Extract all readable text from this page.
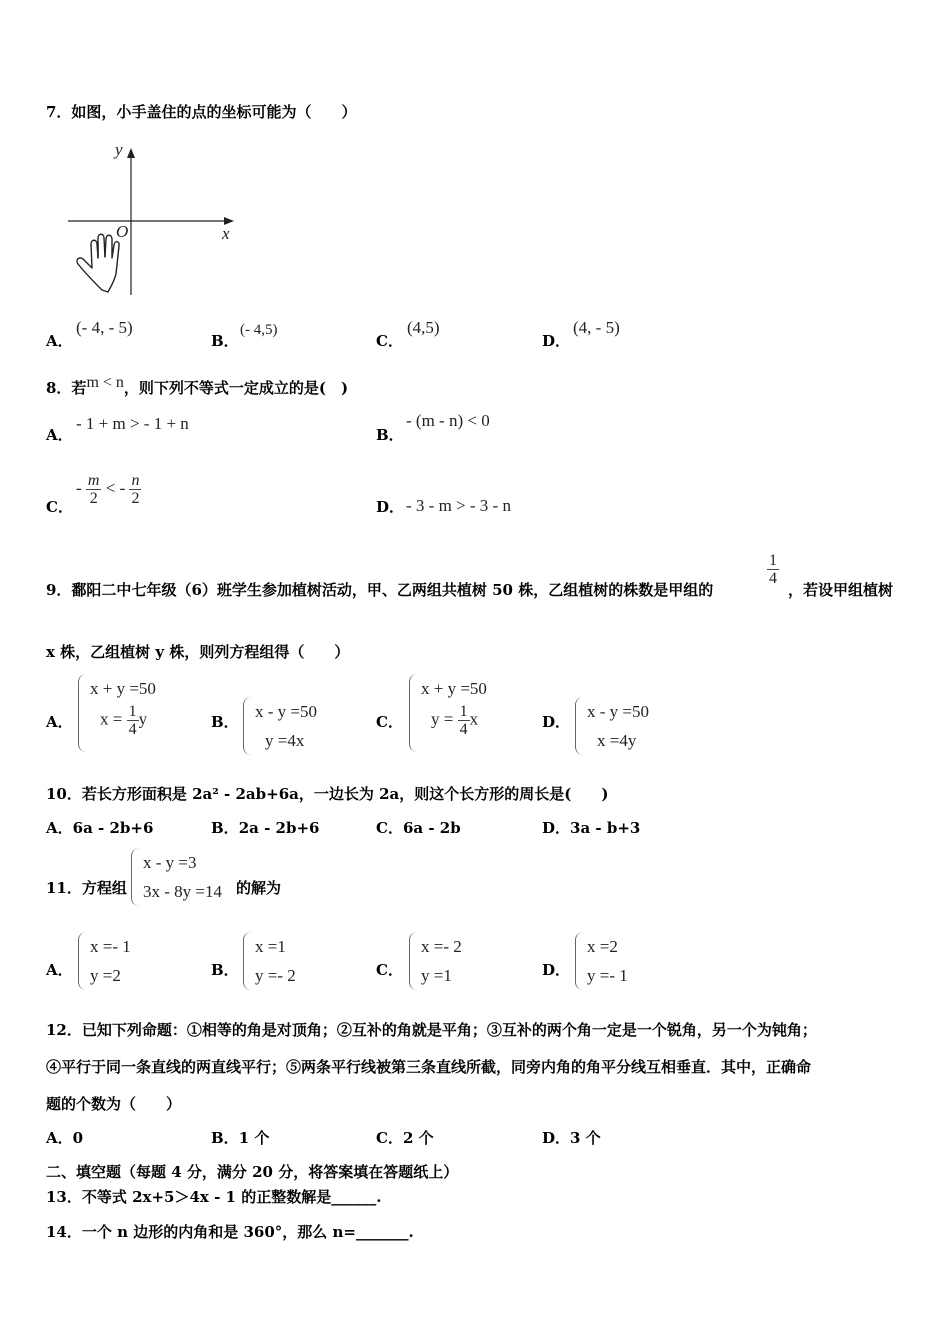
7．如图，小手盖住的点的坐标可能为（　　）
y
x
O
A．
(- 4, - 5)
B．
(- 4,5)
C．
(4,5)
D．
(4, - 5)
8．若m < n，则下列不等式一定成立的是(　)
A．
- 1 + m > - 1 + n
B．
- (m - n) < 0
C．
- $\frac{m}{2}$ < - $\frac{n}{2}$	D． - 3 - m > - 3 - n
9．鄱阳二中七年级（6）班学生参加植树活动，甲、乙两组共植树 50 株，乙组植树的株数是甲组的
$\frac{1}{4}$
，若设甲组植树
x 株，乙组植树 y 株，则列方程组得（　　）
A．
x + y =50
$x = \frac{1}{4}$ y	B．
x - y =50
y =4x
C．
x + y =50
$y = \frac{1}{4}$ x	D．
x - y =50
x =4y
10．若长方形面积是 2a² - 2ab+6a，一边长为 2a，则这个长方形的周长是(　　)
A．6a - 2b+6	B．2a - 2b+6	C．6a - 2b	D．3a - b+3
11．方程组
x - y =3
3x - 8y =14 的解为
A．
x =- 1
y =2	B．
x =1
y =- 2	C．
x =- 2
y =1	D．
x =2
y =- 1
12．已知下列命题：①相等的角是对顶角；②互补的角就是平角；③互补的两个角一定是一个锐角，另一个为钝角；
④平行于同一条直线的两直线平行；⑤两条平行线被第三条直线所截，同旁内角的角平分线互相垂直．其中，正确命
题的个数为（　　）
A．0	B．1 个	C．2 个	D．3 个
二、填空题（每题 4 分，满分 20 分，将答案填在答题纸上）
13．不等式 2x+5＞4x - 1 的正整数解是______.
14．一个 n 边形的内角和是 360°，那么 n=_______.
